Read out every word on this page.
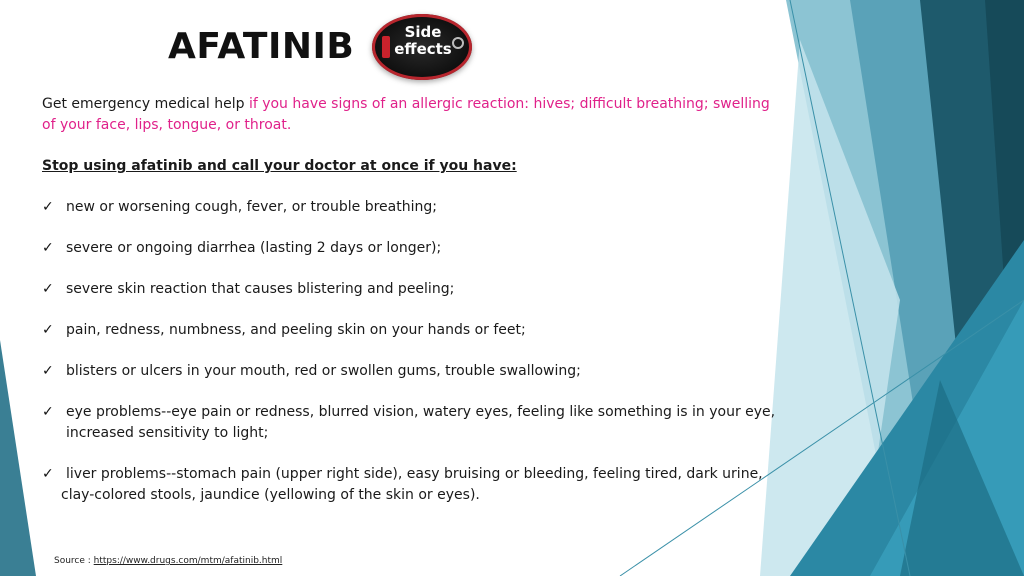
AFATINIB	Side
effects
Get emergency medical help if you have signs of an allergic reaction: hives; difficult breathing; swelling of your face, lips, tongue, or throat.
Stop using afatinib and call your doctor at once if you have:
✓ new or worsening cough, fever, or trouble breathing;
✓ severe or ongoing diarrhea (lasting 2 days or longer);
✓ severe skin reaction that causes blistering and peeling;
✓ pain, redness, numbness, and peeling skin on your hands or feet;
✓ blisters or ulcers in your mouth, red or swollen gums, trouble swallowing;
✓ eye problems--eye pain or redness, blurred vision, watery eyes, feeling like something is in your eye, increased sensitivity to light;
✓ liver problems--stomach pain (upper right side), easy bruising or bleeding, feeling tired, dark urine,
clay-colored stools, jaundice (yellowing of the skin or eyes).
Source : https://www.drugs.com/mtm/afatinib.html
